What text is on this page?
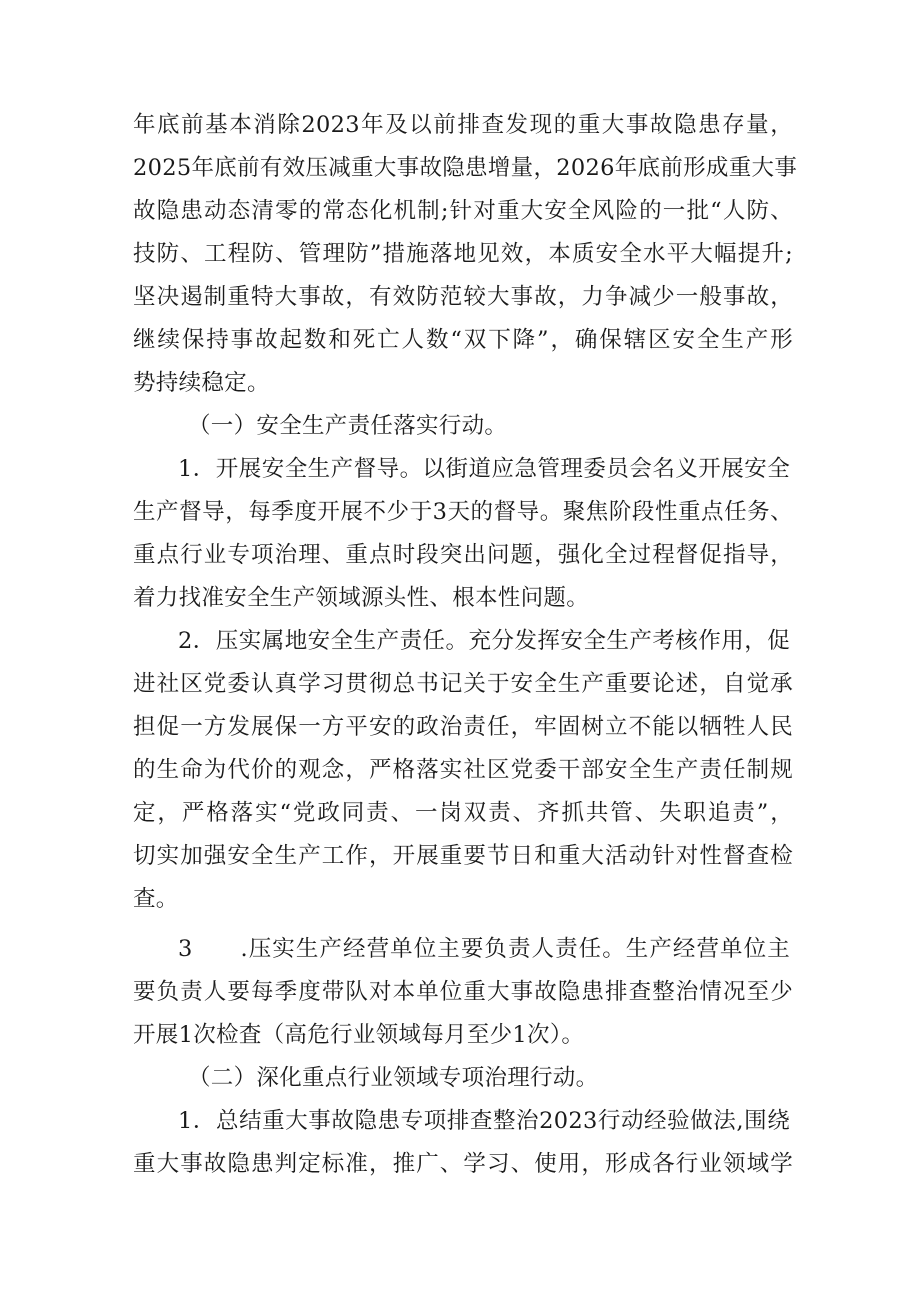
年底前基本消除2023年及以前排查发现的重大事故隐患存量，
2025年底前有效压减重大事故隐患增量，2026年底前形成重大事
故隐患动态清零的常态化机制;针对重大安全风险的一批“人防、
技防、工程防、管理防”措施落地见效，本质安全水平大幅提升;
坚决遏制重特大事故，有效防范较大事故，力争减少一般事故，
继续保持事故起数和死亡人数“双下降”，确保辖区安全生产形
势持续稳定。
（一）安全生产责任落实行动。
1．开展安全生产督导。以街道应急管理委员会名义开展安全
生产督导，每季度开展不少于3天的督导。聚焦阶段性重点任务、
重点行业专项治理、重点时段突出问题，强化全过程督促指导，
着力找准安全生产领域源头性、根本性问题。
2．压实属地安全生产责任。充分发挥安全生产考核作用，促
进社区党委认真学习贯彻总书记关于安全生产重要论述，自觉承
担促一方发展保一方平安的政治责任，牢固树立不能以牺牲人民
的生命为代价的观念，严格落实社区党委干部安全生产责任制规
定，严格落实“党政同责、一岗双责、齐抓共管、失职追责”，
切实加强安全生产工作，开展重要节日和重大活动针对性督查检
查。
3　　.压实生产经营单位主要负责人责任。生产经营单位主
要负责人要每季度带队对本单位重大事故隐患排查整治情况至少
开展1次检査（高危行业领域每月至少1次）。
（二）深化重点行业领域专项治理行动。
1．总结重大事故隐患专项排查整治2023行动经验做法,围绕
重大事故隐患判定标准，推广、学习、使用，形成各行业领域学
